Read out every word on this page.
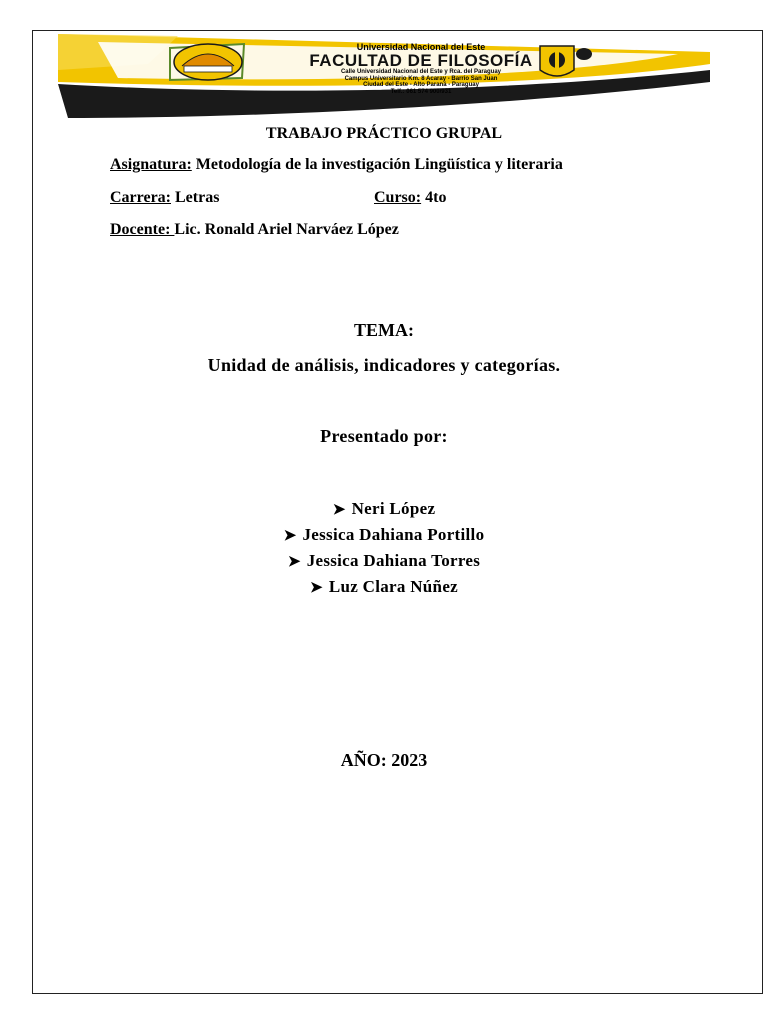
Universidad Nacional del Este
FACULTAD DE FILOSOFÍA
Calle Universidad Nacional del Este y Rca. del Paraguay
Campus Universitario Km. 8 Acaray - Barrio San Juan
Ciudad del Este - Alto Paraná - Paraguay
Telf.: 061 574 900/931
TRABAJO PRÁCTICO GRUPAL
Asignatura: Metodología de la investigación Lingüística y literaria
Carrera: Letras	Curso: 4to
Docente: Lic. Ronald Ariel Narváez López
TEMA:
Unidad de análisis, indicadores y categorías.
Presentado por:
➤ Neri López
➤ Jessica Dahiana Portillo
➤ Jessica Dahiana Torres
➤ Luz Clara Núñez
AÑO: 2023
